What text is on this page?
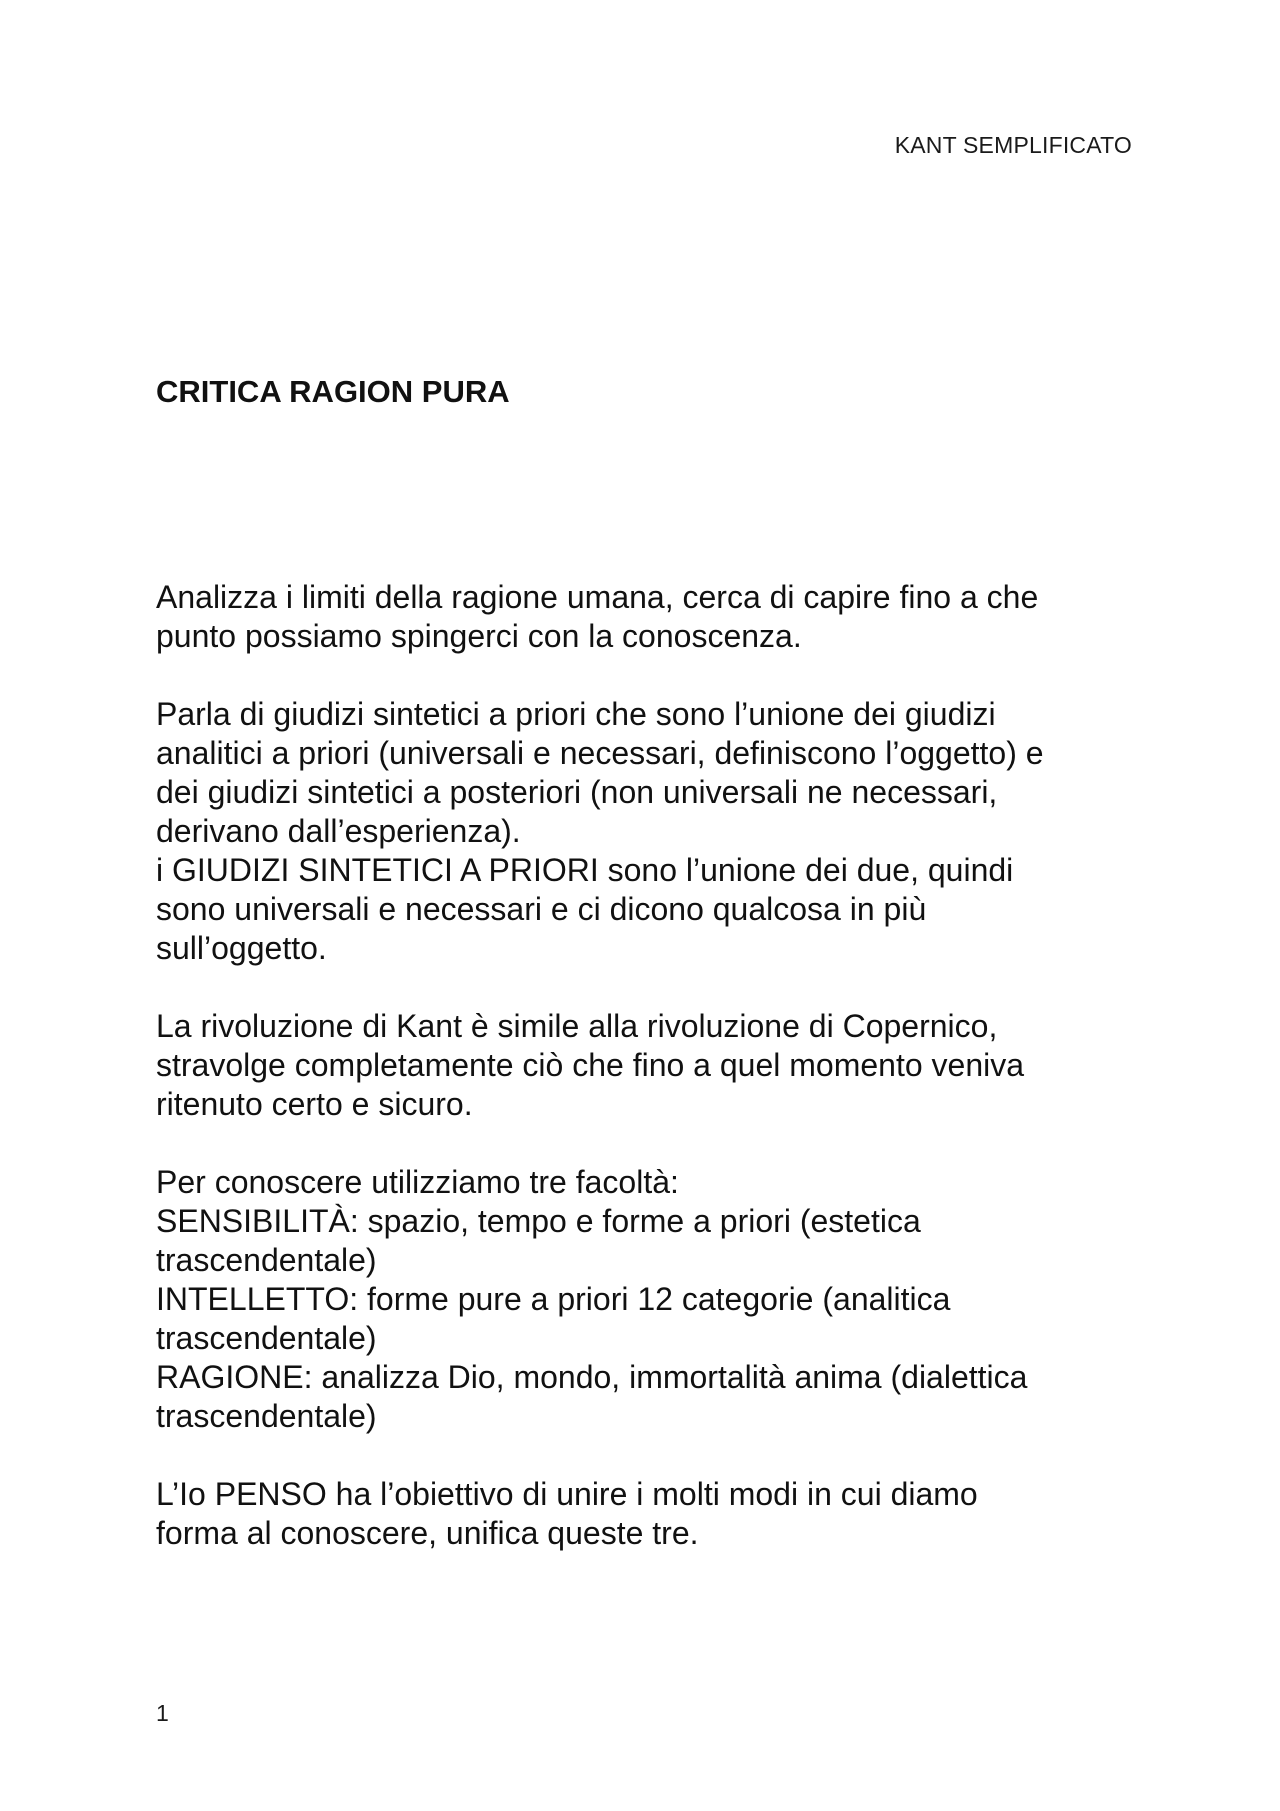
KANT SEMPLIFICATO
CRITICA RAGION PURA

Analizza i limiti della ragione umana, cerca di capire fino a che
punto possiamo spingerci con la conoscenza.

Parla di giudizi sintetici a priori che sono l’unione dei giudizi
analitici a priori (universali e necessari, definiscono l’oggetto) e
dei giudizi sintetici a posteriori (non universali ne necessari,
derivano dall’esperienza).
i GIUDIZI SINTETICI A PRIORI sono l’unione dei due, quindi
sono universali e necessari e ci dicono qualcosa in più
sull’oggetto.

La rivoluzione di Kant è simile alla rivoluzione di Copernico,
stravolge completamente ciò che fino a quel momento veniva
ritenuto certo e sicuro.

Per conoscere utilizziamo tre facoltà:
SENSIBILITÀ: spazio, tempo e forme a priori (estetica
trascendentale)
INTELLETTO: forme pure a priori 12 categorie (analitica
trascendentale)
RAGIONE: analizza Dio, mondo, immortalità anima (dialettica
trascendentale)

L’Io PENSO ha l’obiettivo di unire i molti modi in cui diamo
forma al conoscere, unifica queste tre.

1
